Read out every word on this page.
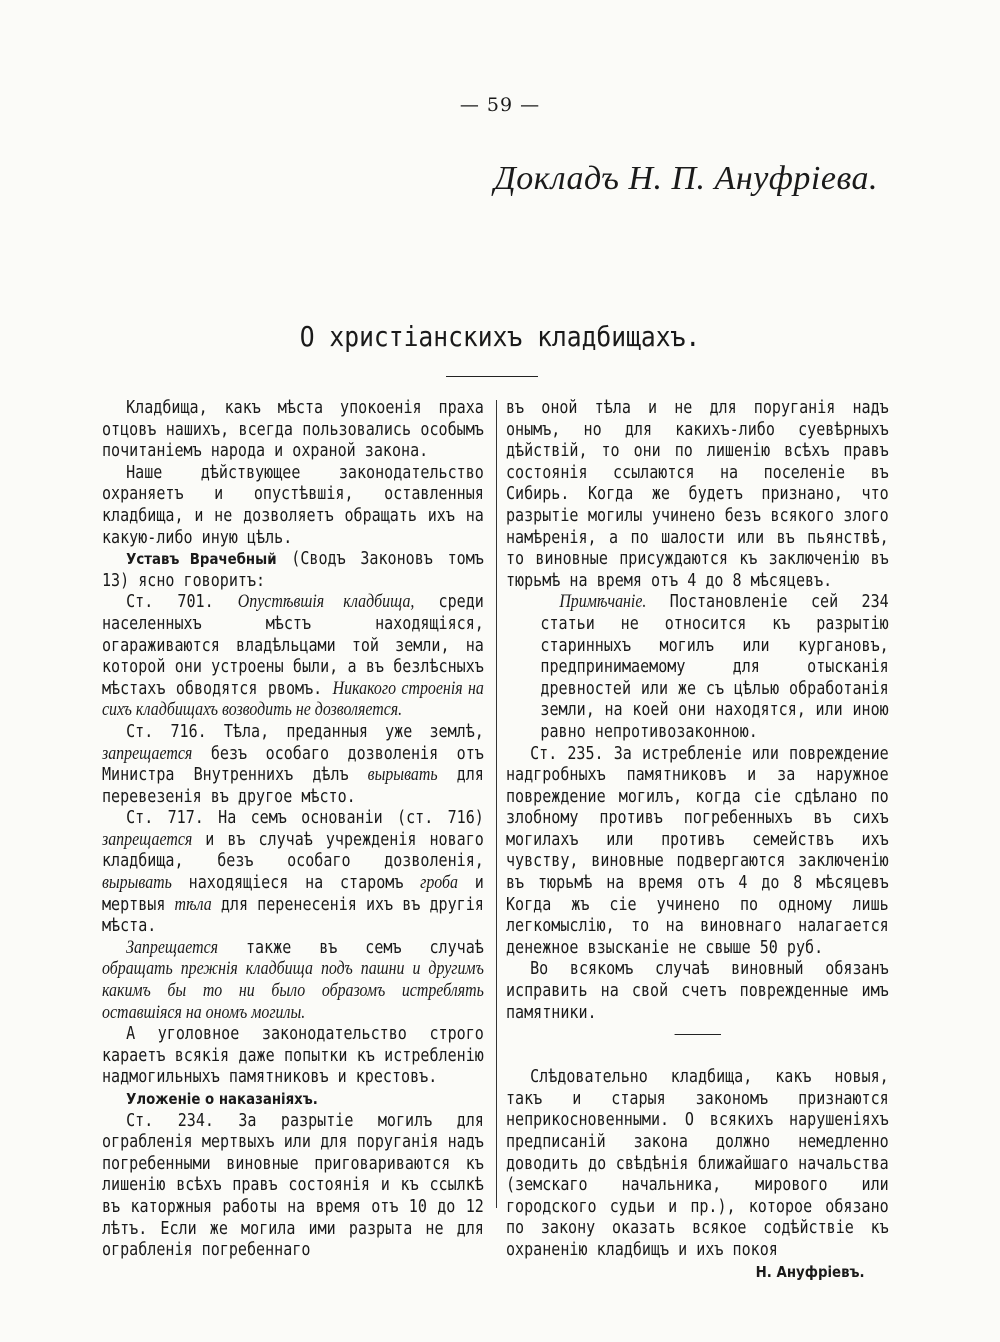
— 59 —
Докладъ Н. П. Ануфріева.
О христіанскихъ кладбищахъ.

Кладбища, какъ мѣста упокоенія праха отцовъ нашихъ, всегда пользовались особымъ почитаніемъ народа и охраной закона.

Наше дѣйствующее законодательство охраняетъ и опустѣвшія, оставленныя кладбища, и не дозволяетъ обращать ихъ на какую-либо иную цѣль.

Уставъ Врачебный (Сводъ Законовъ томъ 13) ясно говоритъ:

Ст. 701. Опустѣвшія кладбища, среди населенныхъ мѣстъ находящіяся, огараживаются владѣльцами той земли, на которой они устроены были, а въ безлѣсныхъ мѣстахъ обводятся рвомъ. Никакого строенія на сихъ кладбищахъ возводить не дозволяется.

Ст. 716. Тѣла, преданныя уже землѣ, запрещается безъ особаго дозволенія отъ Министра Внутреннихъ дѣлъ вырывать для перевезенія въ другое мѣсто.

Ст. 717. На семъ основаніи (ст. 716) запрещается и въ случаѣ учрежденія новаго кладбища, безъ особаго дозволенія, вырывать находящіеся на старомъ гроба и мертвыя тѣла для перенесенія ихъ въ другія мѣста.

Запрещается также въ семъ случаѣ обращать прежнія кладбища подъ пашни и другимъ какимъ бы то ни было образомъ истреблять оставшіяся на ономъ могилы.

А уголовное законодательство строго караетъ всякія даже попытки къ истребленію надмогильныхъ памятниковъ и крестовъ.

Уложеніе о наказаніяхъ.

Ст. 234. За разрытіе могилъ для ограбленія мертвыхъ или для поруганія надъ погребенными виновные приговариваются къ лишенію всѣхъ правъ состоянія и къ ссылкѣ въ каторжныя работы на время отъ 10 до 12 лѣтъ. Если же могила ими разрыта не для ограбленія погребеннаго

въ оной тѣла и не для поруганія надъ онымъ, но для какихъ-либо суевѣрныхъ дѣйствій, то они по лишенію всѣхъ правъ состоянія ссылаются на поселеніе въ Сибирь. Когда же будетъ признано, что разрытіе могилы учинено безъ всякого злого намѣренія, а по шалости или въ пьянствѣ, то виновные присуждаются къ заключенію въ тюрьмѣ на время отъ 4 до 8 мѣсяцевъ.

Примѣчаніе. Постановленіе сей 234 статьи не относится къ разрытію старинныхъ могилъ или кургановъ, предпринимаемому для отысканія древностей или же съ цѣлью обработанія земли, на коей они находятся, или иною равно непротивозаконною.

Ст. 235. За истребленіе или повреждение надгробныхъ памятниковъ и за наружное повреждение могилъ, когда сіе сдѣлано по злобному противъ погребенныхъ въ сихъ могилахъ или противъ семействъ ихъ чувству, виновные подвергаются заключенію въ тюрьмѣ на время отъ 4 до 8 мѣсяцевъ Когда жъ сіе учинено по одному лишь легкомыслію, то на виновнаго налагается денежное взысканіе не свыше 50 руб.

Во всякомъ случаѣ виновный обязанъ исправить на свой счетъ поврежденные имъ памятники.

Слѣдовательно кладбища, какъ новыя, такъ и старыя закономъ признаются неприкосновенными. О всякихъ нарушеніяхъ предписаній закона должно немедленно доводить до свѣдѣнія ближайшаго начальства (земскаго начальника, мирового или городского судьи и пр.), которое обязано по закону оказать всякое содѣйствіе къ охраненію кладбищъ и ихъ покоя

Н. Ануфріевъ.
